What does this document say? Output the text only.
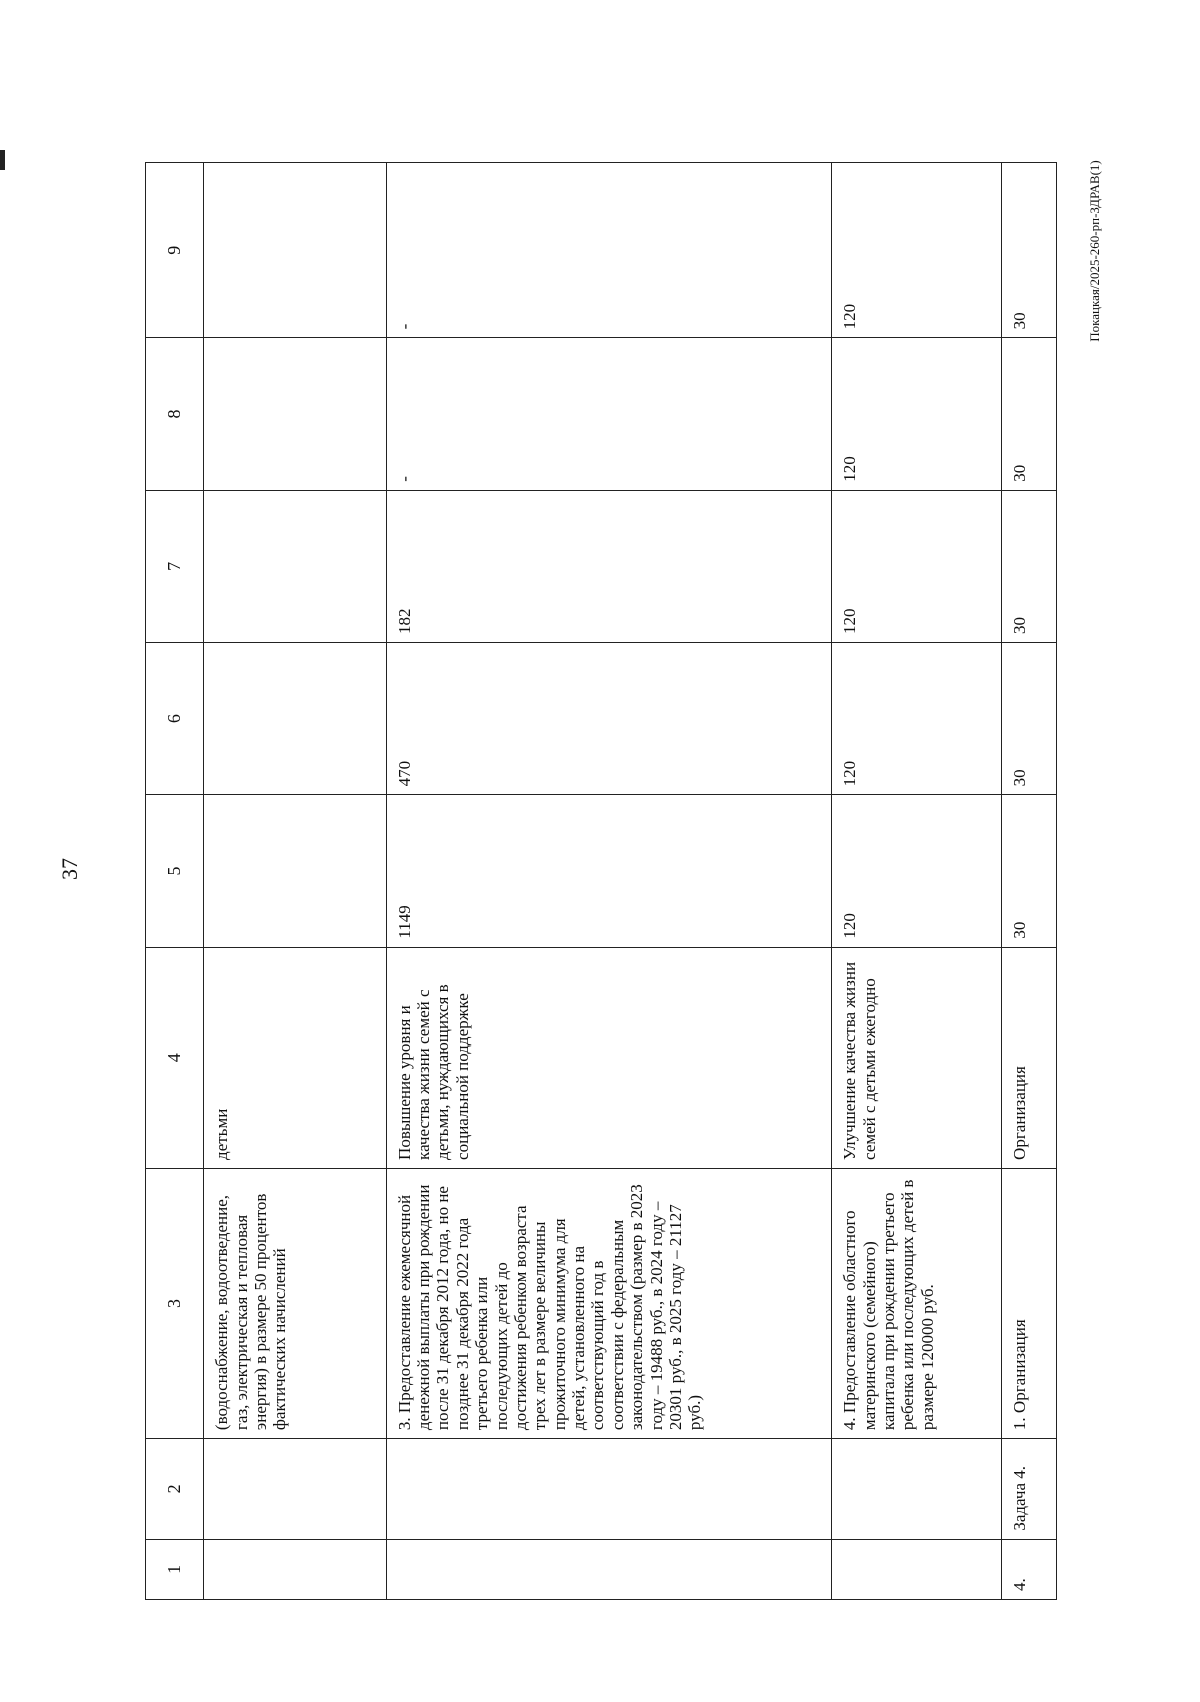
37
Покацкая/2025-260-рп-ЗДРАВ(1)
1	2	3	4	5	6	7	8	9
		(водоснабжение, водоотведение, газ, электрическая и тепловая энергия) в размере 50 процентов фактических начислений	детьми					
		3. Предоставление ежемесячной денежной выплаты при рождении после 31 декабря 2012 года, но не позднее 31 декабря 2022 года третьего ребенка или последующих детей до достижения ребенком возраста трех лет в размере величины прожиточного минимума для детей, установленного на соответствующий год в соответствии с федеральным законодательством (размер в 2023 году – 19488 руб., в 2024 году – 20301 руб., в 2025 году – 21127 руб.)	Повышение уровня и качества жизни семей с детьми, нуждающихся в социальной поддержке	1149	470	182	-	-
		4. Предоставление областного материнского (семейного) капитала при рождении третьего ребенка или последующих детей в размере 120000 руб.	Улучшение качества жизни семей с детьми ежегодно	120	120	120	120	120
4.	Задача 4.	1. Организация	Организация	30	30	30	30	30
